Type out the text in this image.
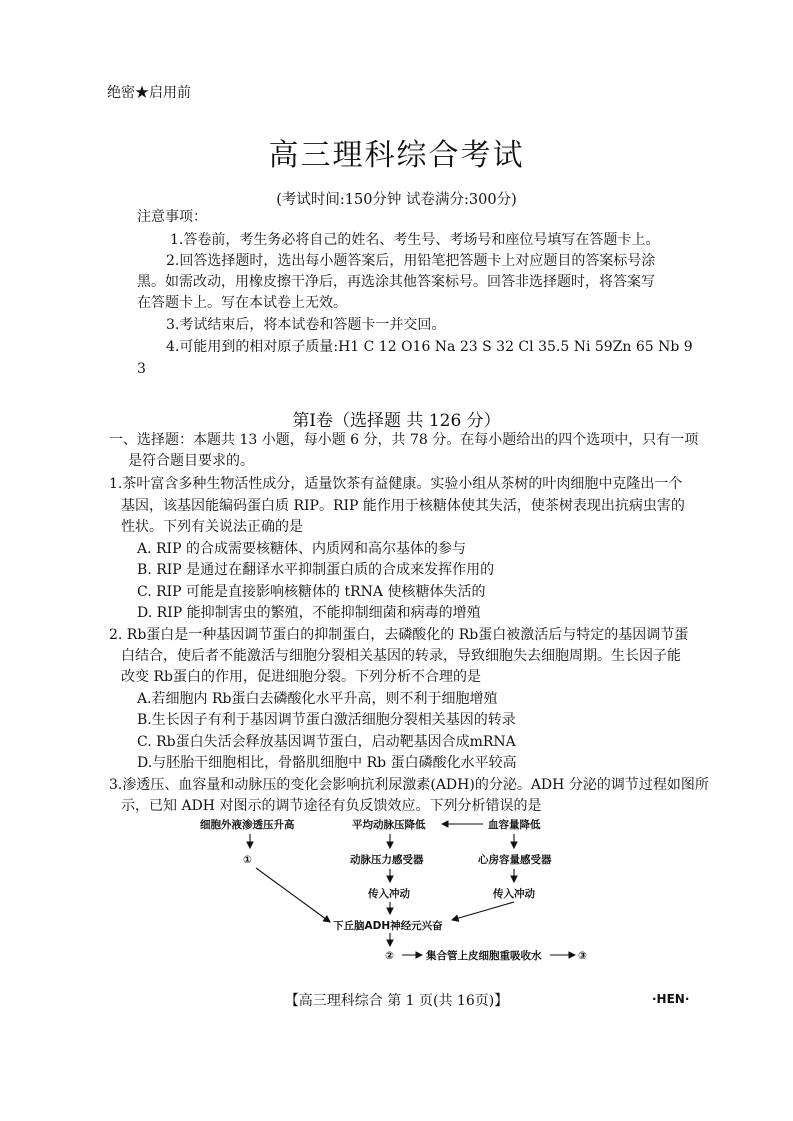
绝密★启用前
高三理科综合考试
(考试时间:150分钟 试卷满分:300分)
注意事项：
1.答卷前，考生务必将自己的姓名、考生号、考场号和座位号填写在答题卡上。
2.回答选择题时，选出每小题答案后，用铅笔把答题卡上对应题目的答案标号涂
黑。如需改动，用橡皮擦干净后，再选涂其他答案标号。回答非选择题时，将答案写
在答题卡上。写在本试卷上无效。
3.考试结束后，将本试卷和答题卡一并交回。
4.可能用到的相对原子质量:H1 C 12 O16 Na 23 S 32 Cl 35.5 Ni 59Zn 65 Nb 9
3
第Ⅰ卷（选择题 共 126 分）
一、选择题：本题共 13 小题，每小题 6 分，共 78 分。在每小题给出的四个选项中，只有一项
是符合题目要求的。
1.茶叶富含多种生物活性成分，适量饮茶有益健康。实验小组从茶树的叶肉细胞中克隆出一个
基因，该基因能编码蛋白质 RIP。RIP 能作用于核糖体使其失活，使茶树表现出抗病虫害的
性状。下列有关说法正确的是
A. RIP 的合成需要核糖体、内质网和高尔基体的参与
B. RIP 是通过在翻译水平抑制蛋白质的合成来发挥作用的
C. RIP 可能是直接影响核糖体的 tRNA 使核糖体失活的
D. RIP 能抑制害虫的繁殖，不能抑制细菌和病毒的增殖
2. Rb蛋白是一种基因调节蛋白的抑制蛋白，去磷酸化的 Rb蛋白被激活后与特定的基因调节蛋
白结合，使后者不能激活与细胞分裂相关基因的转录，导致细胞失去细胞周期。生长因子能
改变 Rb蛋白的作用，促进细胞分裂。下列分析不合理的是
A.若细胞内 Rb蛋白去磷酸化水平升高，则不利于细胞增殖
B.生长因子有利于基因调节蛋白激活细胞分裂相关基因的转录
C. Rb蛋白失活会释放基因调节蛋白，启动靶基因合成mRNA
D.与胚胎干细胞相比，骨骼肌细胞中 Rb 蛋白磷酸化水平较高
3.渗透压、血容量和动脉压的变化会影响抗利尿激素(ADH)的分泌。ADH 分泌的调节过程如图所
示，已知 ADH 对图示的调节途径有负反馈效应。下列分析错误的是
细胞外液渗透压升高	平均动脉压降低	血容量降低
①	动脉压力感受器	心房容量感受器
传入冲动	传入冲动
下丘脑ADH神经元兴奋
②	集合管上皮细胞重吸收水	③
【高三理科综合 第 1 页(共 16页)】	·HEN·
